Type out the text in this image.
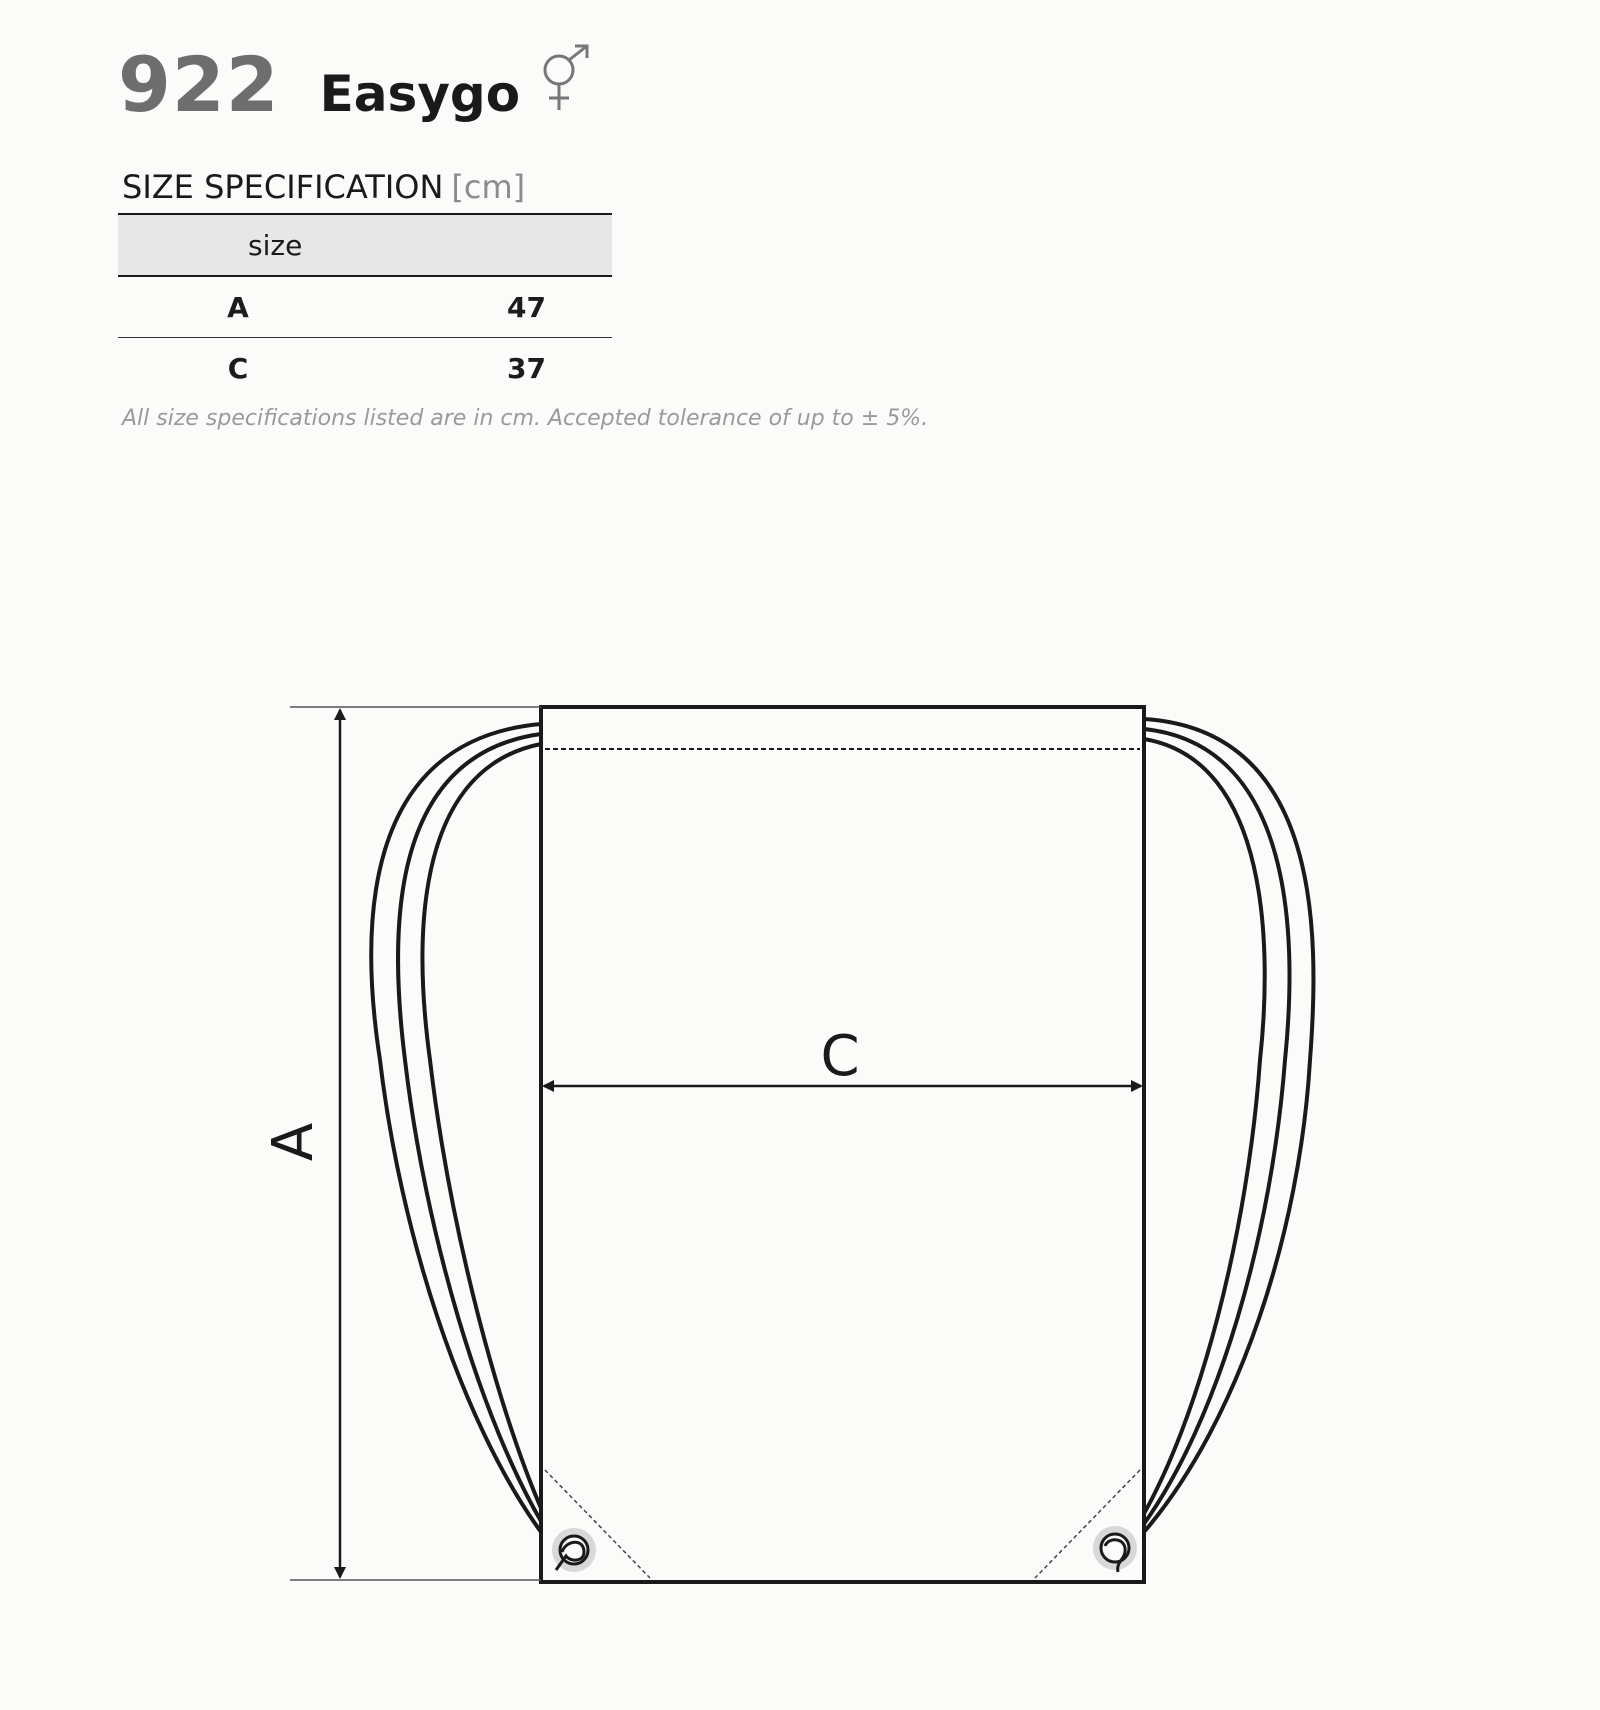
922 Easygo
SIZE SPECIFICATION [cm]
size	
A	47
C	37
All size specifications listed are in cm. Accepted tolerance of up to ± 5%.
A
C
